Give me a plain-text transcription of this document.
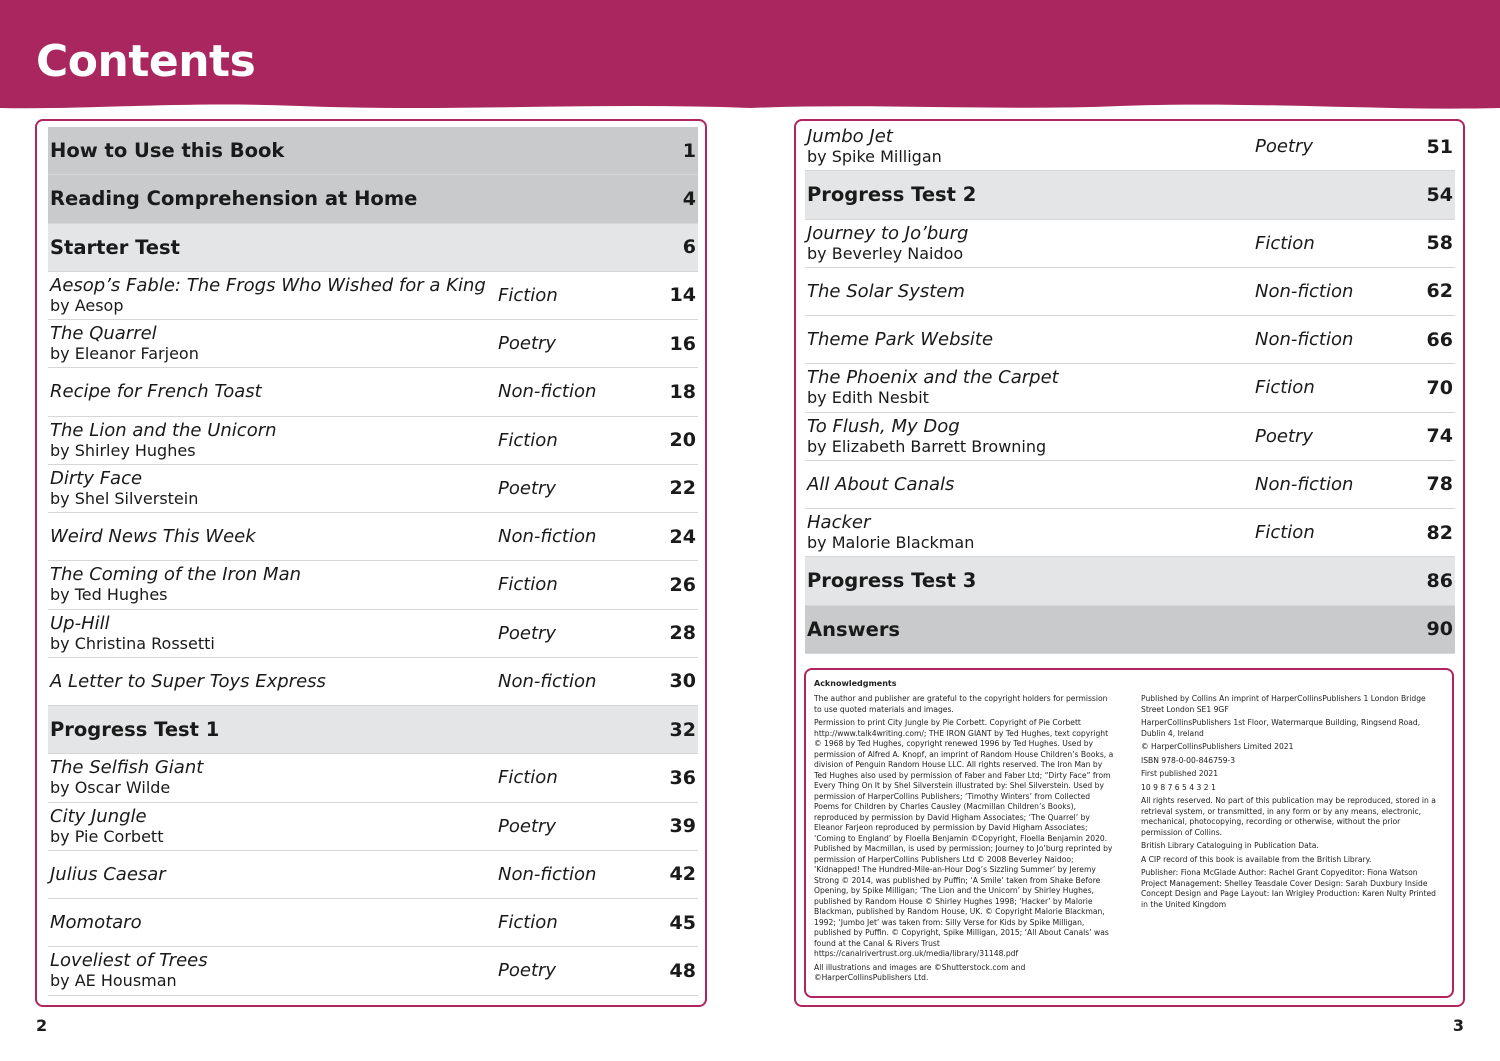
Contents
How to Use this Book	1
Reading Comprehension at Home	4
Starter Test	6
Aesop’s Fable: The Frogs Who Wished for a King
by Aesop	Fiction	14
The Quarrel
by Eleanor Farjeon	Poetry	16
Recipe for French Toast	Non-fiction	18
The Lion and the Unicorn
by Shirley Hughes	Fiction	20
Dirty Face
by Shel Silverstein	Poetry	22
Weird News This Week	Non-fiction	24
The Coming of the Iron Man
by Ted Hughes	Fiction	26
Up-Hill
by Christina Rossetti	Poetry	28
A Letter to Super Toys Express	Non-fiction	30
Progress Test 1	32
The Selfish Giant
by Oscar Wilde	Fiction	36
City Jungle
by Pie Corbett	Poetry	39
Julius Caesar	Non-fiction	42
Momotaro	Fiction	45
Loveliest of Trees
by AE Housman	Poetry	48
Jumbo Jet
by Spike Milligan	Poetry	51
Progress Test 2	54
Journey to Jo’burg
by Beverley Naidoo	Fiction	58
The Solar System	Non-fiction	62
Theme Park Website	Non-fiction	66
The Phoenix and the Carpet
by Edith Nesbit	Fiction	70
To Flush, My Dog
by Elizabeth Barrett Browning	Poetry	74
All About Canals	Non-fiction	78
Hacker
by Malorie Blackman	Fiction	82
Progress Test 3	86
Answers	90
Acknowledgments

The author and publisher are grateful to the copyright holders for permission to use quoted materials and images.

Permission to print City Jungle by Pie Corbett. Copyright of Pie Corbett http://www.talk4writing.com/; THE IRON GIANT by Ted Hughes, text copyright © 1968 by Ted Hughes, copyright renewed 1996 by Ted Hughes. Used by permission of Alfred A. Knopf, an imprint of Random House Children’s Books, a division of Penguin Random House LLC. All rights reserved. The Iron Man by Ted Hughes also used by permission of Faber and Faber Ltd; “Dirty Face” from Every Thing On It by Shel Silverstein illustrated by: Shel Silverstein. Used by permission of HarperCollins Publishers; ‘Timothy Winters’ from Collected Poems for Children by Charles Causley (Macmillan Children’s Books), reproduced by permission by David Higham Associates; ‘The Quarrel’ by Eleanor Farjeon reproduced by permission by David Higham Associates; ‘Coming to England’ by Floella Benjamin ©Copyright, Floella Benjamin 2020. Published by Macmillan, is used by permission; Journey to Jo’burg reprinted by permission of HarperCollins Publishers Ltd © 2008 Beverley Naidoo; ‘Kidnapped! The Hundred-Mile-an-Hour Dog’s Sizzling Summer’ by Jeremy Strong © 2014, was published by Puffin; ‘A Smile’ taken from Shake Before Opening, by Spike Milligan; ‘The Lion and the Unicorn’ by Shirley Hughes, published by Random House © Shirley Hughes 1998; ‘Hacker’ by Malorie Blackman, published by Random House, UK. © Copyright Malorie Blackman, 1992; ‘Jumbo Jet’ was taken from: Silly Verse for Kids by Spike Milligan, published by Puffin. © Copyright, Spike Milligan, 2015; ‘All About Canals’ was found at the Canal & Rivers Trust https://canalrivertrust.org.uk/media/library/31148.pdf

All illustrations and images are ©Shutterstock.com and ©HarperCollinsPublishers Ltd.

Published by Collins An imprint of HarperCollinsPublishers 1 London Bridge Street London SE1 9GF

HarperCollinsPublishers 1st Floor, Watermarque Building, Ringsend Road, Dublin 4, Ireland

© HarperCollinsPublishers Limited 2021

ISBN 978-0-00-846759-3

First published 2021

10 9 8 7 6 5 4 3 2 1

All rights reserved. No part of this publication may be reproduced, stored in a retrieval system, or transmitted, in any form or by any means, electronic, mechanical, photocopying, recording or otherwise, without the prior permission of Collins.

British Library Cataloguing in Publication Data.

A CIP record of this book is available from the British Library.

Publisher: Fiona McGlade Author: Rachel Grant Copyeditor: Fiona Watson Project Management: Shelley Teasdale Cover Design: Sarah Duxbury Inside Concept Design and Page Layout: Ian Wrigley Production: Karen Nulty Printed in the United Kingdom

2	3
